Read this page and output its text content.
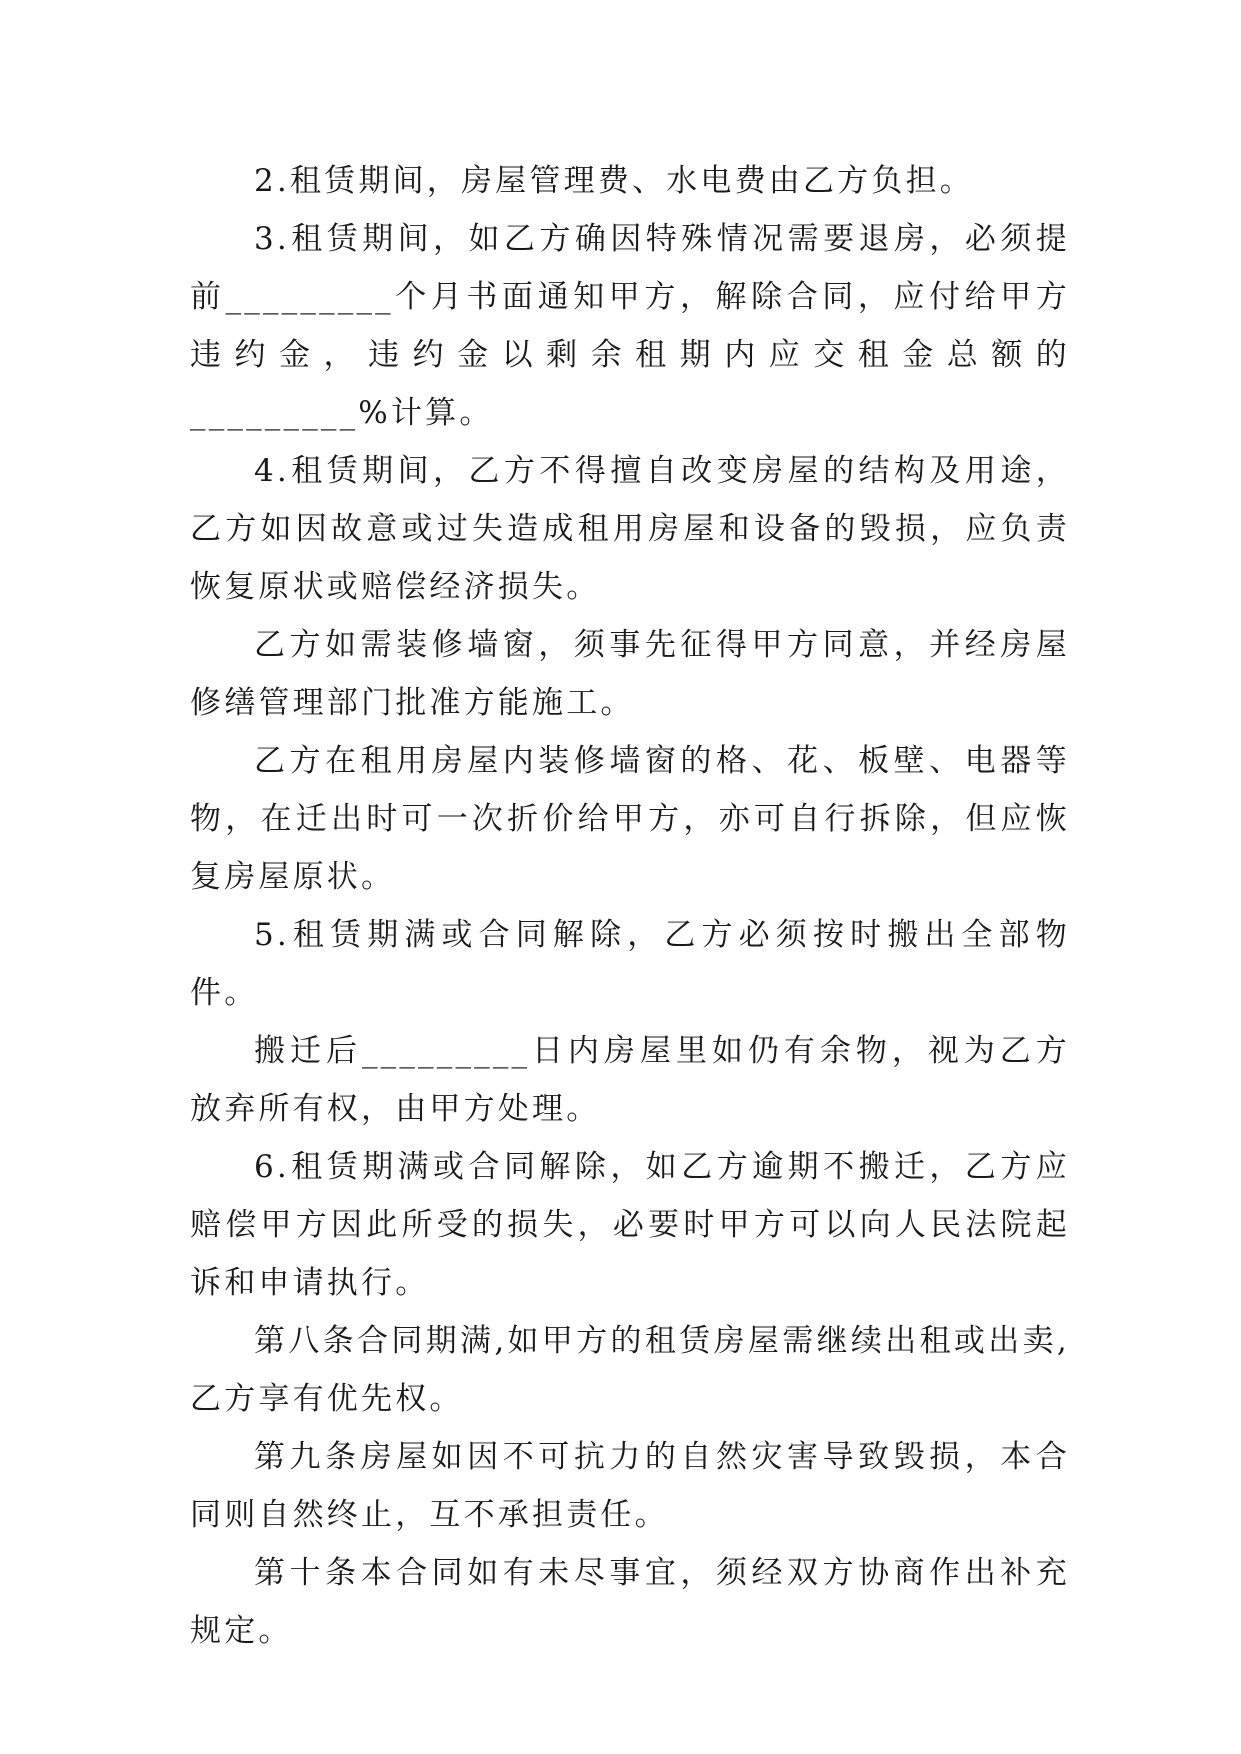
2.租赁期间，房屋管理费、水电费由乙方负担。

3.租赁期间，如乙方确因特殊情况需要退房，必须提前_________个月书面通知甲方，解除合同，应付给甲方违约金，违约金以剩余租期内应交租金总额的_________%计算。

4.租赁期间，乙方不得擅自改变房屋的结构及用途，乙方如因故意或过失造成租用房屋和设备的毁损，应负责恢复原状或赔偿经济损失。

乙方如需装修墙窗，须事先征得甲方同意，并经房屋修缮管理部门批准方能施工。

乙方在租用房屋内装修墙窗的格、花、板壁、电器等物，在迁出时可一次折价给甲方，亦可自行拆除，但应恢复房屋原状。

5.租赁期满或合同解除，乙方必须按时搬出全部物件。

搬迁后_________日内房屋里如仍有余物，视为乙方放弃所有权，由甲方处理。

6.租赁期满或合同解除，如乙方逾期不搬迁，乙方应赔偿甲方因此所受的损失，必要时甲方可以向人民法院起诉和申请执行。

第八条合同期满,如甲方的租赁房屋需继续出租或出卖,乙方享有优先权。

第九条房屋如因不可抗力的自然灾害导致毁损，本合同则自然终止，互不承担责任。

第十条本合同如有未尽事宜，须经双方协商作出补充规定。
